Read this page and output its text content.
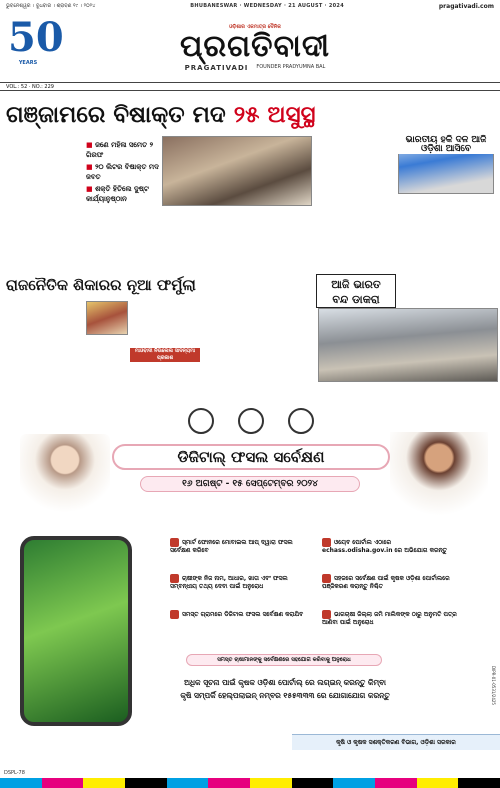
ଭୁବନେଶ୍ୱର । ବୁଧବାର । ଶ୍ରାବଣ ୧୯ । ୨୦୨୪	BHUBANESWAR · WEDNESDAY · 21 AUGUST · 2024	pragativadi.com
50
YEARS
ଓଡ଼ିଶାର ଏକମାତ୍ର ଦୈନିକ
ପ୍ରଗତିବାଦୀ
PRAGATIVADI FOUNDER PRADYUMNA BAL
VOL.: 52 · NO.: 229
ଗଞ୍ଜାମରେ ବିଷାକ୍ତ ମଦ ୨୫ ଅସୁସ୍ଥ
■ ଜଣେ ମହିଳା ସମେତ ୨ ଗିରଫ
■ ୨୦ ଲିଟର ବିଷାକ୍ତ ମଦ ଜବତ
■ ଶକ୍ତି ହିତିଲେ ଦୁଷ୍ଟ କାର୍ଯ୍ୟାନୁଷ୍ଠାନ
ଭାରତୀୟ ହକି ଦଳ ଆଜି ଓଡ଼ିଶା ଆସିବେ
ରାଜନୈତିକ ଶିକାରର ନୂଆ ଫର୍ମୁଲା	ଆଜି ଭାରତ
ବନ୍ଦ ଡାକରା
ମାଓବାଦୀ ନିଉଲେଲ ସାଦନ୍ୟମା ପ୍ରକାଶ
ଡିଜିଟାଲ୍ ଫସଲ ସର୍ବେକ୍ଷଣ
୧୬ ଅଗଷ୍ଟ - ୧୫ ସେପ୍ଟେମ୍ବର ୨୦୨୪
ସ୍ମାର୍ଟ ଫୋନରେ ମୋବାଇଲ ଆପ୍ ଦ୍ୱାରା ଫସଲ ସର୍ବେକ୍ଷଣ କରିବେ
ଚାଷୀଙ୍କ ନିଜ ନାମ, ଆଧାର, ଖାତା ଏବଂ ଫସଲ ସମ୍ବନ୍ଧୀୟ ତଥ୍ୟ ଦେବା ପାଇଁ ଅନୁରୋଧ
ସମସ୍ତ ଗ୍ରାମରେ ଡିଜିଟାଲ ଫସଲ ସର୍ବେକ୍ଷଣ କରାଯିବ
ଓୟେବ ପୋର୍ଟାଲ ଏଠାରେ echass.odisha.gov.in ରେ ଅଭିଯୋଗ କରନ୍ତୁ
ସହଜରେ ସର୍ବେକ୍ଷଣ ପାଇଁ କୃଷକ ଓଡ଼ିଶା ପୋର୍ଟାଲରେ ପଞ୍ଜିକରଣ କରାନ୍ତୁ ନିଶ୍ଚିତ
ଭାଗଚାଷୀ ଜିଲ୍ଲା ଜମି ମାଲିକଙ୍କ ଠାରୁ ଅନୁମତି ପତ୍ର ଆଣିବା ପାଇଁ ଅନୁରୋଧ
ସମସ୍ତ ଚାଷୀମାନଙ୍କୁ ସର୍ବେକ୍ଷଣରେ ସହଯୋଗ କରିବାକୁ ଅନୁରୋଧ
ଅଧିକ ସୂଚନା ପାଇଁ କୃଷକ ଓଡ଼ିଶା ପୋର୍ଟାଲ୍ ରେ ଲଗ୍ଇନ୍ କରନ୍ତୁ କିମ୍ବା
କୃଷି ସମ୍ପର୍କି ହେଲ୍ପଲାଇନ୍ ନମ୍ବର ୧୫୫୩୩୩ ରେ ଯୋଗାଯୋଗ କରନ୍ତୁ	DIPR-01-0531/2425
କୃଷି ଓ କୃଷକ ସଶକ୍ତିକରଣ ବିଭାଗ, ଓଡ଼ିଶା ସରକାର
DSPL-78
